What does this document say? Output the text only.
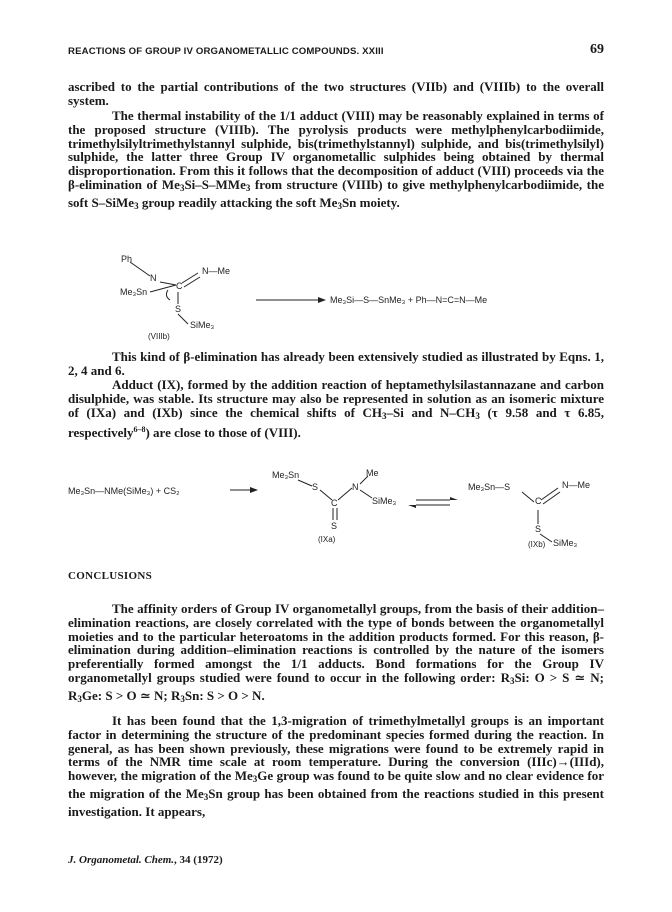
REACTIONS OF GROUP IV ORGANOMETALLIC COMPOUNDS. XXIII	69
ascribed to the partial contributions of the two structures (VIIb) and (VIIIb) to the overall system.
The thermal instability of the 1/1 adduct (VIII) may be reasonably explained in terms of the proposed structure (VIIIb). The pyrolysis products were methylphenylcarbodiimide, trimethylsilyltrimethylstannyl sulphide, bis(trimethylstannyl) sulphide, and bis(trimethylsilyl) sulphide, the latter three Group IV organometallic sulphides being obtained by thermal disproportionation. From this it follows that the decomposition of adduct (VIII) proceeds via the β-elimination of $Me_3Si-S-MMe_3$ from structure (VIIIb) to give methylphenylcarbodiimide, the soft S–SiMe$_3$ group readily attacking the soft $Me_3Sn$ moiety.
Ph
N
Me₃Sn
C
N—Me
S
SiMe₃
(VIIIb)
Me₃Si—S—SnMe₃ + Ph—N=C=N—Me
This kind of β-elimination has already been extensively studied as illustrated by Eqns. 1, 2, 4 and 6.
Adduct (IX), formed by the addition reaction of heptamethylsilastannazane and carbon disulphide, was stable. Its structure may also be represented in solution as an isomeric mixture of (IXa) and (IXb) since the chemical shifts of $CH_3-Si$ and $N-CH_3$ (τ 9.58 and τ 6.85, respectively$^{6-8}$) are close to those of (VIII).
Me₃Sn—NMe(SiMe₃) + CS₂
Me₃Sn
S
C
N
Me
SiMe₃
S
(IXa)
Me₃Sn—S
C
N—Me
S
SiMe₃
(IXb)
CONCLUSIONS
The affinity orders of Group IV organometallyl groups, from the basis of their addition–elimination reactions, are closely correlated with the type of bonds between the organometallyl moieties and to the particular heteroatoms in the addition products formed. For this reason, β-elimination during addition–elimination reactions is controlled by the nature of the isomers preferentially formed amongst the 1/1 adducts. Bond formations for the Group IV organometallyl groups studied were found to occur in the following order: $R_3Si$: O > S ≃ N; $R_3Ge$: S > O ≃ N; $R_3Sn$: S > O > N.
It has been found that the 1,3-migration of trimethylmetallyl groups is an important factor in determining the structure of the predominant species formed during the reaction. In general, as has been shown previously, these migrations were found to be extremely rapid in terms of the NMR time scale at room temperature. During the conversion (IIIc)→(IIId), however, the migration of the $Me_3Ge$ group was found to be quite slow and no clear evidence for the migration of the $Me_3Sn$ group has been obtained from the reactions studied in this present investigation. It appears,
J. Organometal. Chem., 34 (1972)
